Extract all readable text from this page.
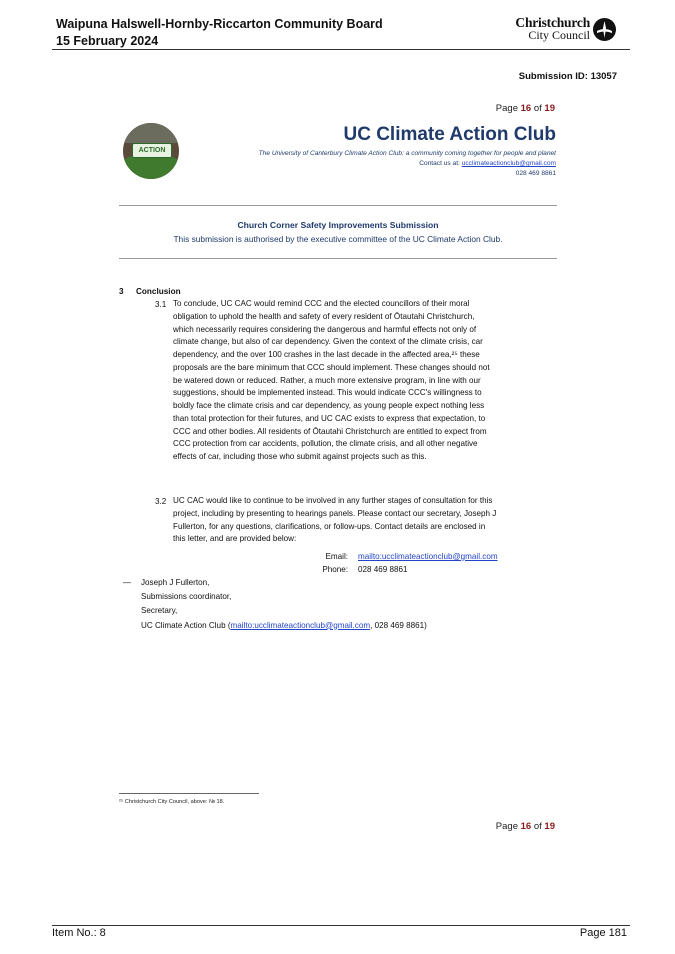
Waipuna Halswell-Hornby-Riccarton Community Board
15 February 2024
Christchurch
City Council
Submission ID: 13057
Page 16 of 19
ACTION
UC Climate Action Club
The University of Canterbury Climate Action Club: a community coming together for people and planet
Contact us at: ucclimateactionclub@gmail.com
028 469 8861
Church Corner Safety Improvements Submission
This submission is authorised by the executive committee of the UC Climate Action Club.
3 Conclusion
3.1 To conclude, UC CAC would remind CCC and the elected councillors of their moral
obligation to uphold the health and safety of every resident of Ōtautahi Christchurch,
which necessarily requires considering the dangerous and harmful effects not only of
climate change, but also of car dependency. Given the context of the climate crisis, car
dependency, and the over 100 crashes in the last decade in the affected area,²⁵ these
proposals are the bare minimum that CCC should implement. These changes should not
be watered down or reduced. Rather, a much more extensive program, in line with our
suggestions, should be implemented instead. This would indicate CCC's willingness to
boldly face the climate crisis and car dependency, as young people expect nothing less
than total protection for their futures, and UC CAC exists to express that expectation, to
CCC and other bodies. All residents of Ōtautahi Christchurch are entitled to expect from
CCC protection from car accidents, pollution, the climate crisis, and all other negative
effects of car, including those who submit against projects such as this.
3.2 UC CAC would like to continue to be involved in any further stages of consultation for this
project, including by presenting to hearings panels. Please contact our secretary, Joseph J
Fullerton, for any questions, clarifications, or follow-ups. Contact details are enclosed in
this letter, and are provided below:
Email: mailto:ucclimateactionclub@gmail.com
Phone: 028 469 8861
— Joseph J Fullerton,
Submissions coordinator,
Secretary,
UC Climate Action Club (mailto:ucclimateactionclub@gmail.com, 028 469 8861)
²⁵ Christchurch City Council, above: № 18.
Page 16 of 19
Item No.: 8	Page 181
